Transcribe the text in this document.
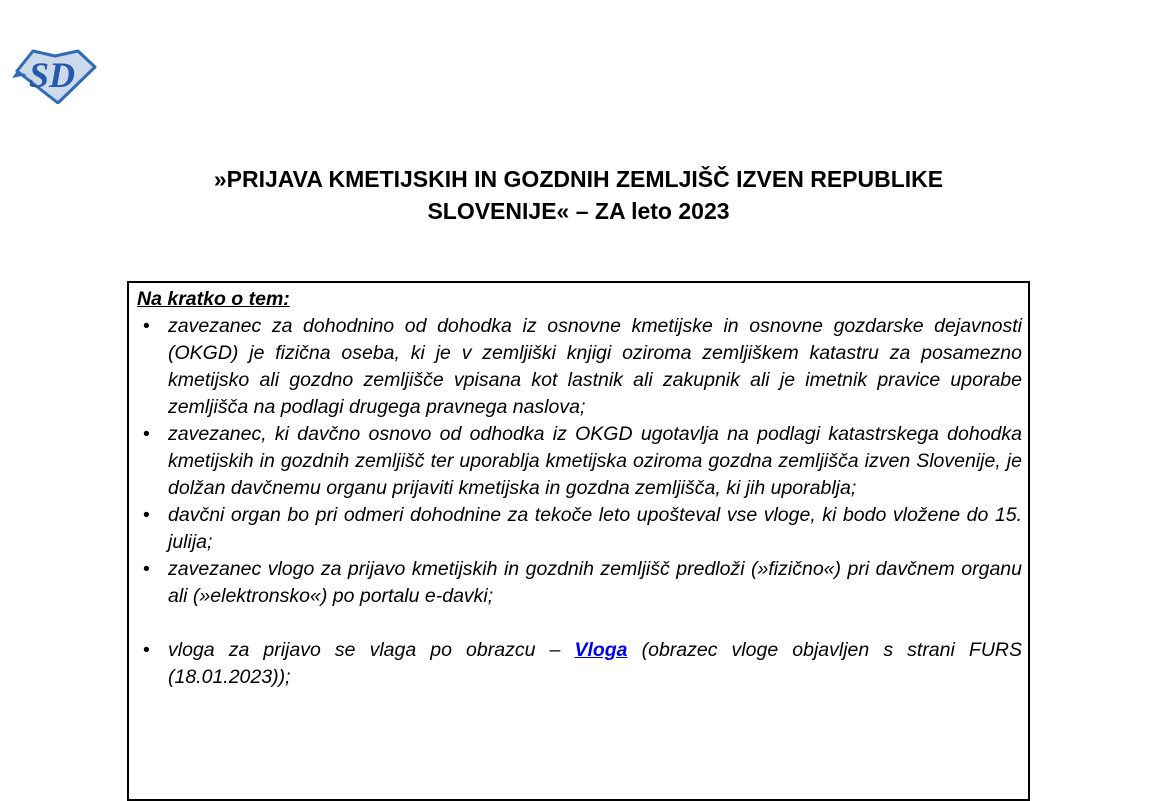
SD
»PRIJAVA KMETIJSKIH IN GOZDNIH ZEMLJIŠČ IZVEN REPUBLIKE
SLOVENIJE« – ZA leto 2023
Na kratko o tem:
• zavezanec za dohodnino od dohodka iz osnovne kmetijske in osnovne gozdarske dejavnosti (OKGD) je fizična oseba, ki je v zemljiški knjigi oziroma zemljiškem katastru za posamezno kmetijsko ali gozdno zemljišče vpisana kot lastnik ali zakupnik ali je imetnik pravice uporabe zemljišča na podlagi drugega pravnega naslova;
• zavezanec, ki davčno osnovo od odhodka iz OKGD ugotavlja na podlagi katastrskega dohodka kmetijskih in gozdnih zemljišč ter uporablja kmetijska oziroma gozdna zemljišča izven Slovenije, je dolžan davčnemu organu prijaviti kmetijska in gozdna zemljišča, ki jih uporablja;
• davčni organ bo pri odmeri dohodnine za tekoče leto upošteval vse vloge, ki bodo vložene do 15. julija;
• zavezanec vlogo za prijavo kmetijskih in gozdnih zemljišč predloži (»fizično«) pri davčnem organu ali (»elektronsko«) po portalu e-davki;
• vloga za prijavo se vlaga po obrazcu – Vloga (obrazec vloge objavljen s strani FURS (18.01.2023));
